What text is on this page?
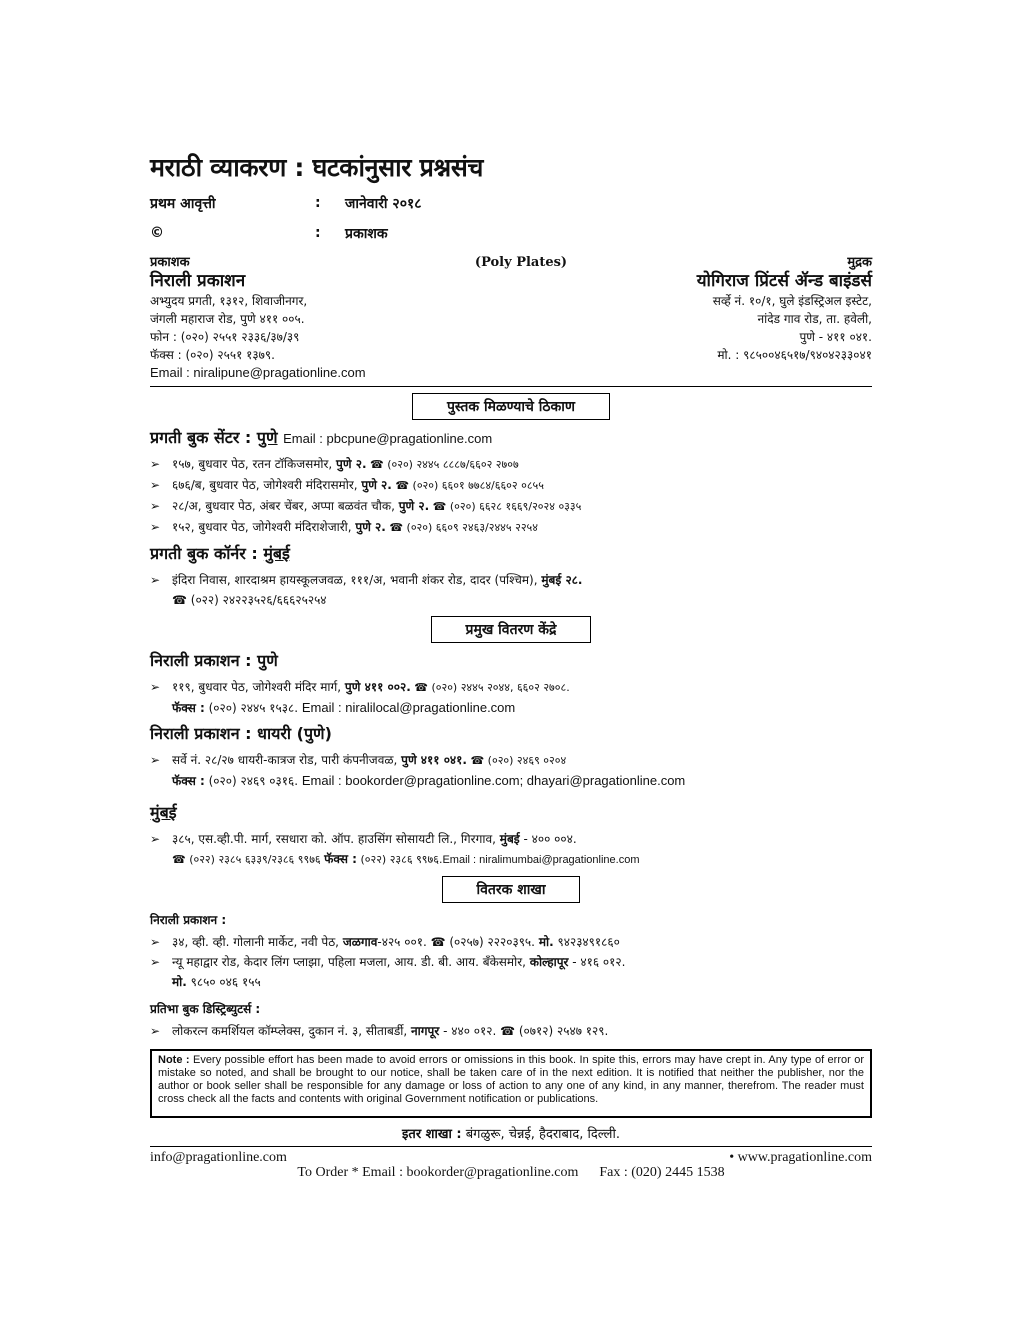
मराठी व्याकरण : घटकांनुसार प्रश्नसंच
प्रथम आवृत्ती	:	जानेवारी २०१८
©	:	प्रकाशक
प्रकाशक
निराली प्रकाशन
अभ्युदय प्रगती, १३१२, शिवाजीनगर,
जंगली महाराज रोड, पुणे ४११ ००५.
फोन : (०२०) २५५१ २३३६/३७/३९
फॅक्स : (०२०) २५५१ १३७९.
Email : niralipune@pragationline.com
(Poly Plates)	मुद्रक
योगिराज प्रिंटर्स ॲन्ड बाइंडर्स
सर्व्हे नं. १०/१, घुले इंडस्ट्रिअल इस्टेट,
नांदेड गाव रोड, ता. हवेली,
पुणे - ४११ ०४१.
मो. : ९८५००४६५१७/९४०४२३३०४१
पुस्तक मिळण्याचे ठिकाण
प्रगती बुक सेंटर : पुणे Email : pbcpune@pragationline.com
➢ १५७, बुधवार पेठ, रतन टॉकिजसमोर, पुणे २. ☎ (०२०) २४४५ ८८८७/६६०२ २७०७
➢ ६७६/ब, बुधवार पेठ, जोगेश्वरी मंदिरासमोर, पुणे २. ☎ (०२०) ६६०१ ७७८४/६६०२ ०८५५
➢ २८/अ, बुधवार पेठ, अंबर चेंबर, अप्पा बळवंत चौक, पुणे २. ☎ (०२०) ६६२८ १६६९/२०२४ ०३३५
➢ १५२, बुधवार पेठ, जोगेश्वरी मंदिराशेजारी, पुणे २. ☎ (०२०) ६६०९ २४६३/२४४५ २२५४
प्रगती बुक कॉर्नर : मुंबई
➢ इंदिरा निवास, शारदाश्रम हायस्कूलजवळ, १११/अ, भवानी शंकर रोड, दादर (पश्चिम), मुंबई २८.
☎ (०२२) २४२२३५२६/६६६२५२५४
प्रमुख वितरण केंद्रे
निराली प्रकाशन : पुणे
➢ ११९, बुधवार पेठ, जोगेश्वरी मंदिर मार्ग, पुणे ४११ ००२. ☎ (०२०) २४४५ २०४४, ६६०२ २७०८.
फॅक्स : (०२०) २४४५ १५३८. Email : niralilocal@pragationline.com
निराली प्रकाशन : धायरी (पुणे)
➢ सर्वे नं. २८/२७ धायरी-कात्रज रोड, पारी कंपनीजवळ, पुणे ४११ ०४१. ☎ (०२०) २४६९ ०२०४
फॅक्स : (०२०) २४६९ ०३१६. Email : bookorder@pragationline.com; dhayari@pragationline.com
मुंबई
➢ ३८५, एस.व्ही.पी. मार्ग, रसधारा को. ऑप. हाउसिंग सोसायटी लि., गिरगाव, मुंबई - ४०० ००४.
☎ (०२२) २३८५ ६३३९/२३८६ ९९७६ फॅक्स : (०२२) २३८६ ९९७६.Email : niralimumbai@pragationline.com
वितरक शाखा
निराली प्रकाशन :
➢ ३४, व्ही. व्ही. गोलानी मार्केट, नवी पेठ, जळगाव-४२५ ००१. ☎ (०२५७) २२२०३९५. मो. ९४२३४९१८६०
➢ न्यू महाद्वार रोड, केदार लिंग प्लाझा, पहिला मजला, आय. डी. बी. आय. बँकेसमोर, कोल्हापूर - ४१६ ०१२.
मो. ९८५० ०४६ १५५
प्रतिभा बुक डिस्ट्रिब्युटर्स :
➢ लोकरत्न कमर्शियल कॉम्प्लेक्स, दुकान नं. ३, सीताबर्डी, नागपूर - ४४० ०१२. ☎ (०७१२) २५४७ १२९.
Note : Every possible effort has been made to avoid errors or omissions in this book. In spite this, errors may have crept in. Any type of error or mistake so noted, and shall be brought to our notice, shall be taken care of in the next edition. It is notified that neither the publisher, nor the author or book seller shall be responsible for any damage or loss of action to any one of any kind, in any manner, therefrom. The reader must cross check all the facts and contents with original Government notification or publications.
इतर शाखा : बंगळुरू, चेन्नई, हैदराबाद, दिल्ली.
info@pragationline.com	• www.pragationline.com
To Order * Email : bookorder@pragationline.com Fax : (020) 2445 1538
